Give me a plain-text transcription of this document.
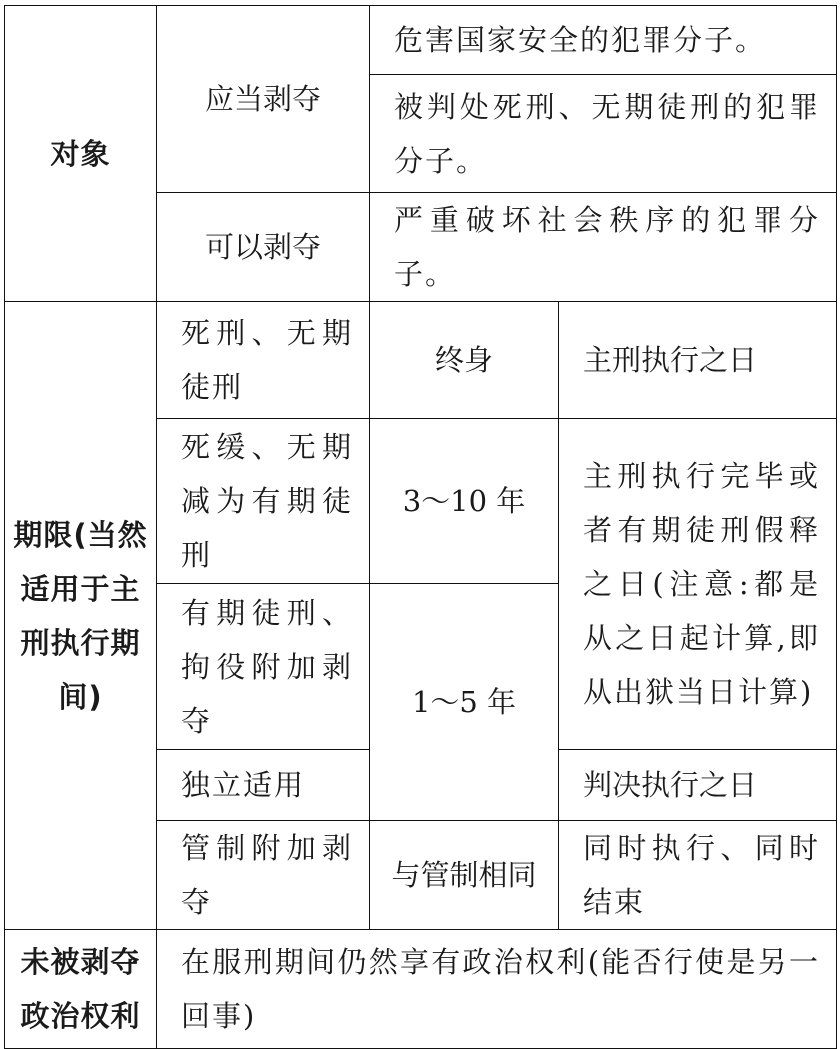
对象	应当剥夺	危害国家安全的犯罪分子。	
		被判处死刑、无期徒刑的犯罪分子。	
	可以剥夺	严重破坏社会秩序的犯罪分子。	
期限(当然适用于主刑执行期间)	死刑、无期徒刑	终身	主刑执行之日
	死缓、无期减为有期徒刑	3～10 年	主刑执行完毕或者有期徒刑假释之日(注意:都是从之日起计算,即从出狱当日计算)
	有期徒刑、拘役附加剥夺	1～5 年	
	独立适用		判决执行之日
	管制附加剥夺	与管制相同	同时执行、同时结束
未被剥夺政治权利	在服刑期间仍然享有政治权利(能否行使是另一回事)		
